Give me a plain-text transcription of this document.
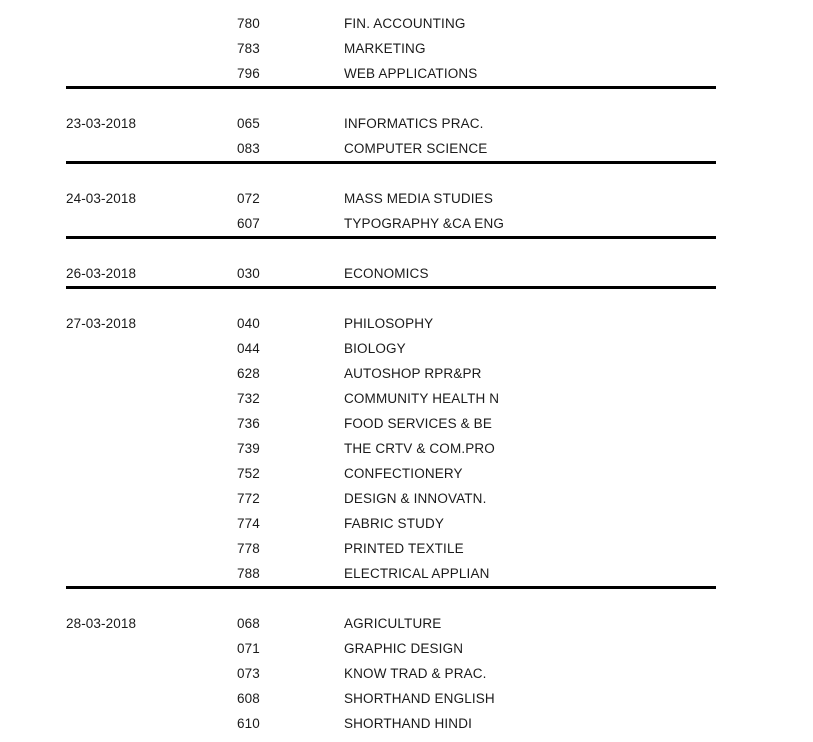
780	FIN. ACCOUNTING
783	MARKETING
796	WEB APPLICATIONS
23-03-2018	065	INFORMATICS PRAC.
083	COMPUTER SCIENCE
24-03-2018	072	MASS MEDIA STUDIES
607	TYPOGRAPHY &CA ENG
26-03-2018	030	ECONOMICS
27-03-2018	040	PHILOSOPHY
044	BIOLOGY
628	AUTOSHOP RPR&PR
732	COMMUNITY HEALTH N
736	FOOD SERVICES & BE
739	THE CRTV & COM.PRO
752	CONFECTIONERY
772	DESIGN & INNOVATN.
774	FABRIC STUDY
778	PRINTED TEXTILE
788	ELECTRICAL APPLIAN
28-03-2018	068	AGRICULTURE
071	GRAPHIC DESIGN
073	KNOW TRAD & PRAC.
608	SHORTHAND ENGLISH
610	SHORTHAND HINDI
